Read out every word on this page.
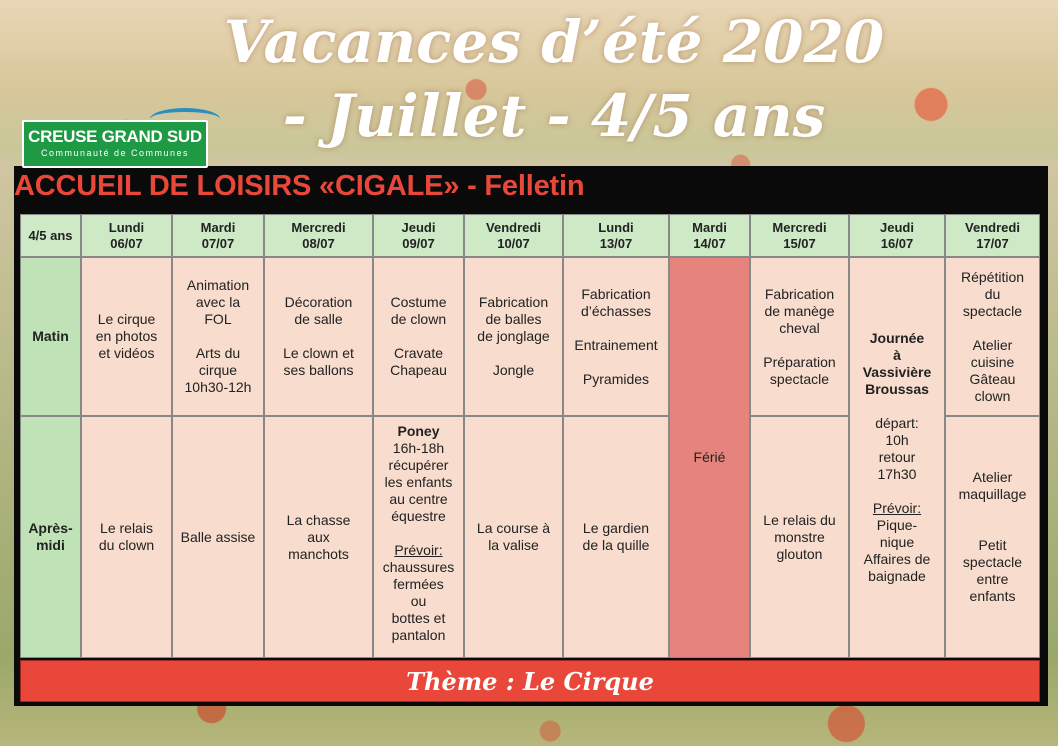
Vacances d’été 2020
- Juillet - 4/5 ans
ACCUEIL DE LOISIRS «CIGALE» - Felletin
CREUSE GRAND SUD
Communauté de Communes
4/5 ans
Lundi
06/07
Mardi
07/07
Mercredi
08/07
Jeudi
09/07
Vendredi
10/07
Lundi
13/07
Mardi
14/07
Mercredi
15/07
Jeudi
16/07
Vendredi
17/07
Matin
Après-
midi
Le cirque
en photos
et vidéos
Le relais
du clown
Animation
avec la
FOL

Arts du
cirque
10h30-12h
Balle assise
Décoration
de salle

Le clown et
ses ballons
La chasse
aux
manchots
Costume
de clown

Cravate
Chapeau
Poney
16h-18h
récupérer
les enfants
au centre
équestre

Prévoir:
chaussures
fermées
ou
bottes et
pantalon
Fabrication
de balles
de jonglage

Jongle
La course à
la valise
Fabrication
d’échasses

Entrainement

Pyramides
Le gardien
de la quille
Férié
Fabrication
de manège
cheval

Préparation
spectacle
Le relais du
monstre
glouton
Journée
à
Vassivière
Broussas

départ:
10h
retour
17h30

Prévoir:
Pique-
nique
Affaires de
baignade
Répétition
du
spectacle

Atelier
cuisine
Gâteau
clown
Atelier
maquillage

Petit
spectacle
entre
enfants
Thème : Le Cirque
